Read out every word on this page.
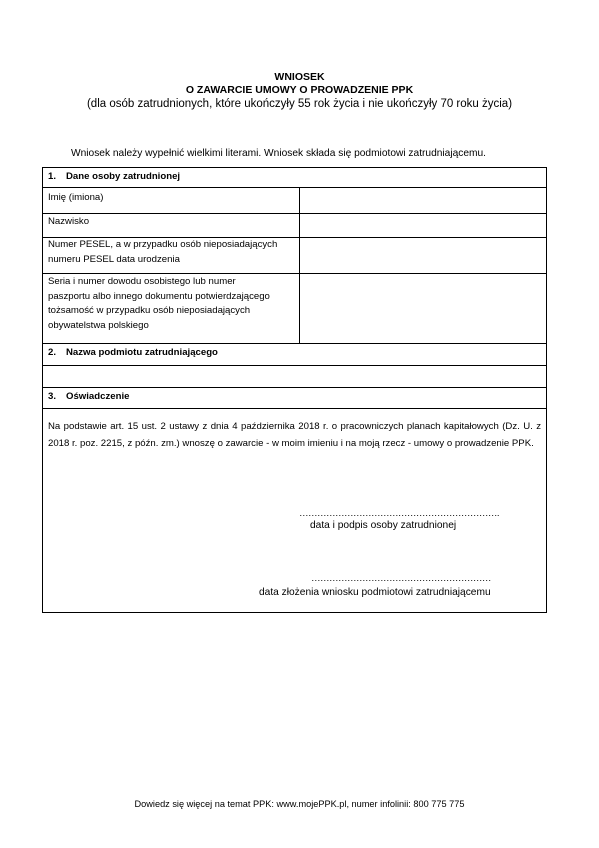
WNIOSEK
O ZAWARCIE UMOWY O PROWADZENIE PPK
(dla osób zatrudnionych, które ukończyły 55 rok życia i nie ukończyły 70 roku życia)
Wniosek należy wypełnić wielkimi literami. Wniosek składa się podmiotowi zatrudniającemu.
1. Dane osoby zatrudnionej
Imię (imiona)
Nazwisko
Numer PESEL, a w przypadku osób nieposiadających
numeru PESEL data urodzenia
Seria i numer dowodu osobistego lub numer
paszportu albo innego dokumentu potwierdzającego
tożsamość w przypadku osób nieposiadających
obywatelstwa polskiego
2. Nazwa podmiotu zatrudniającego
3. Oświadczenie
Na podstawie art. 15 ust. 2 ustawy z dnia 4 października 2018 r. o pracowniczych planach kapitałowych (Dz. U. z 2018 r. poz. 2215, z późn. zm.) wnoszę o zawarcie - w moim imieniu i na moją rzecz - umowy o prowadzenie PPK.
………………………………………………………….
data i podpis osoby zatrudnionej
……………………………………………………
data złożenia wniosku podmiotowi zatrudniającemu
Dowiedz się więcej na temat PPK: www.mojePPK.pl, numer infolinii: 800 775 775
